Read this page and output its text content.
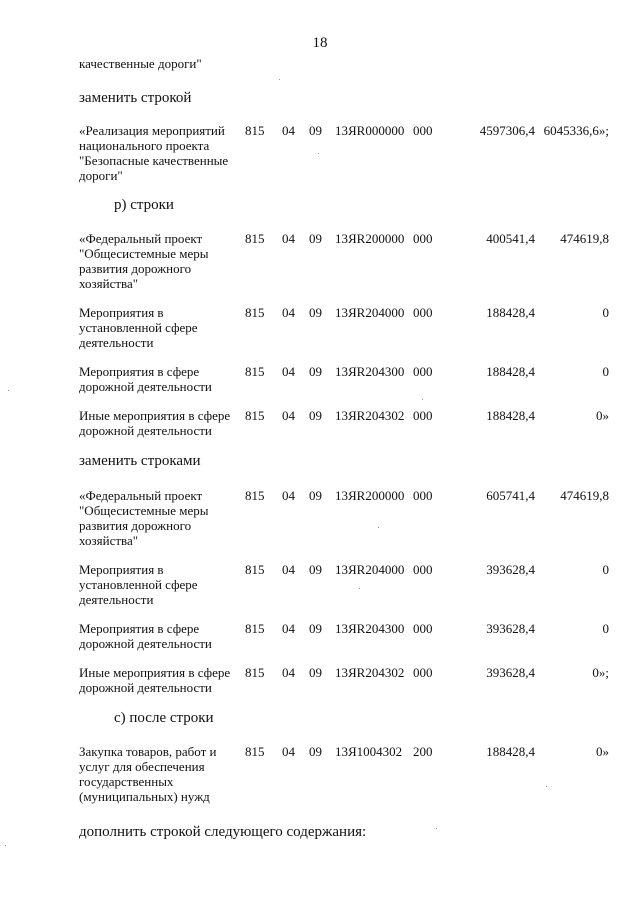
18
качественные дороги"
заменить строкой
«Реализация мероприятий национального проекта "Безопасные качественные дороги"
815 04 09 13ЯR000000 000	4597306,4 6045336,6»;
р) строки
«Федеральный проект "Общесистемные меры развития дорожного хозяйства"
815 04 09 13ЯR200000 000	400541,4	474619,8
Мероприятия в установленной сфере деятельности
815 04 09 13ЯR204000 000	188428,4	0
Мероприятия в сфере дорожной деятельности
815 04 09 13ЯR204300 000	188428,4	0
Иные мероприятия в сфере дорожной деятельности
815 04 09 13ЯR204302 000	188428,4	0»
заменить строками
«Федеральный проект "Общесистемные меры развития дорожного хозяйства"
815 04 09 13ЯR200000 000	605741,4	474619,8
Мероприятия в установленной сфере деятельности
815 04 09 13ЯR204000 000	393628,4	0
Мероприятия в сфере дорожной деятельности
815 04 09 13ЯR204300 000	393628,4	0
Иные мероприятия в сфере дорожной деятельности
815 04 09 13ЯR204302 000	393628,4	0»;
с) после строки
Закупка товаров, работ и услуг для обеспечения государственных (муниципальных) нужд
815 04 09 13Я1004302 200	188428,4	0»
дополнить строкой следующего содержания:
